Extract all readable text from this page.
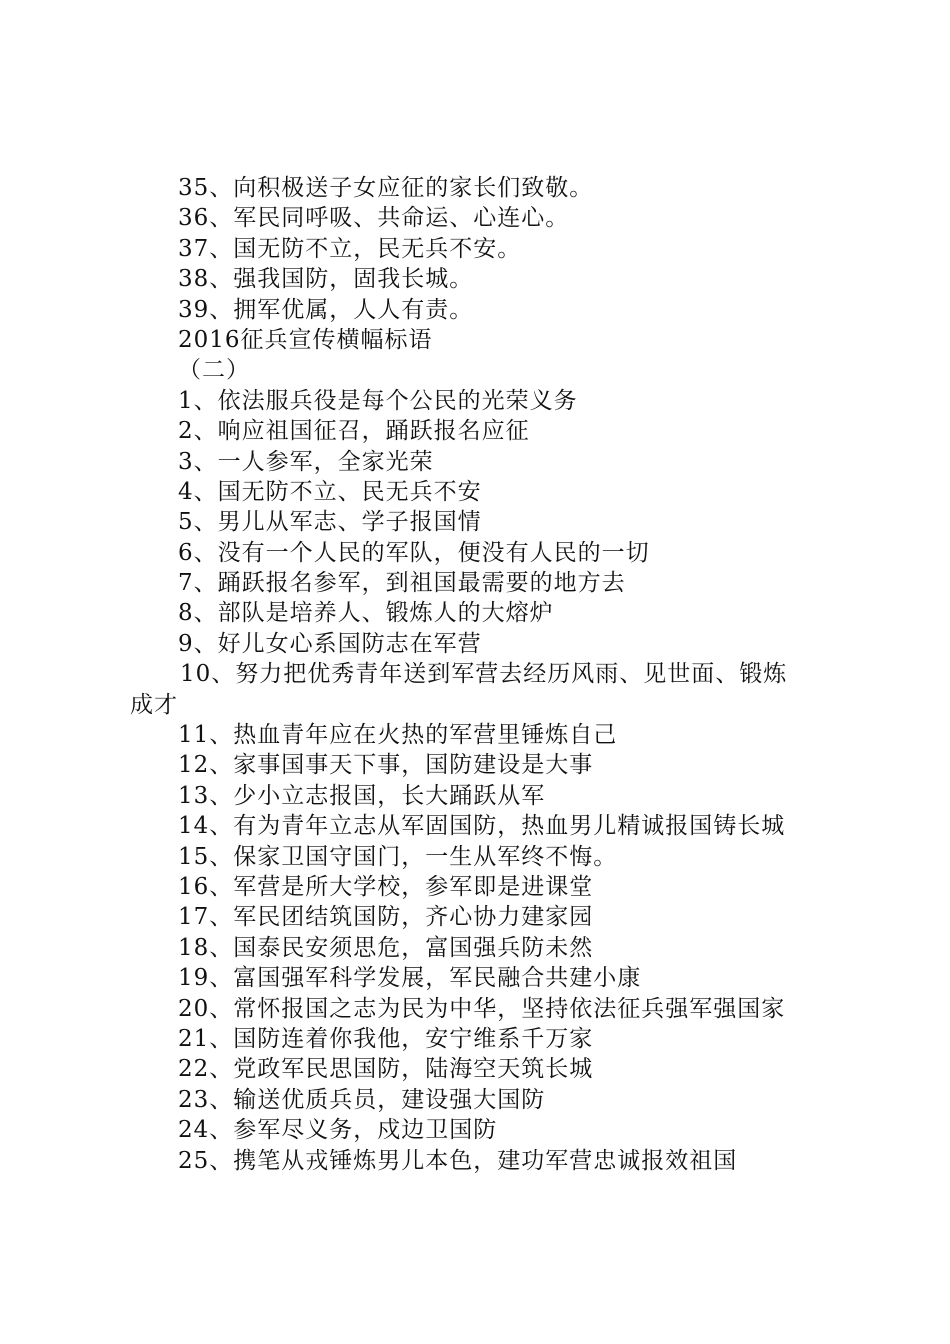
35、向积极送子女应征的家长们致敬。
36、军民同呼吸、共命运、心连心。
37、国无防不立，民无兵不安。
38、强我国防，固我长城。
39、拥军优属，人人有责。
2016征兵宣传横幅标语
（二）
1、依法服兵役是每个公民的光荣义务
2、响应祖国征召，踊跃报名应征
3、一人参军，全家光荣
4、国无防不立、民无兵不安
5、男儿从军志、学子报国情
6、没有一个人民的军队，便没有人民的一切
7、踊跃报名参军，到祖国最需要的地方去
8、部队是培养人、锻炼人的大熔炉
9、好儿女心系国防志在军营
10、努力把优秀青年送到军营去经历风雨、见世面、锻炼
成才
11、热血青年应在火热的军营里锤炼自己
12、家事国事天下事，国防建设是大事
13、少小立志报国，长大踊跃从军
14、有为青年立志从军固国防，热血男儿精诚报国铸长城
15、保家卫国守国门，一生从军终不悔。
16、军营是所大学校，参军即是进课堂
17、军民团结筑国防，齐心协力建家园
18、国泰民安须思危，富国强兵防未然
19、富国强军科学发展，军民融合共建小康
20、常怀报国之志为民为中华，坚持依法征兵强军强国家
21、国防连着你我他，安宁维系千万家
22、党政军民思国防，陆海空天筑长城
23、输送优质兵员，建设强大国防
24、参军尽义务，戍边卫国防
25、携笔从戎锤炼男儿本色，建功军营忠诚报效祖国
